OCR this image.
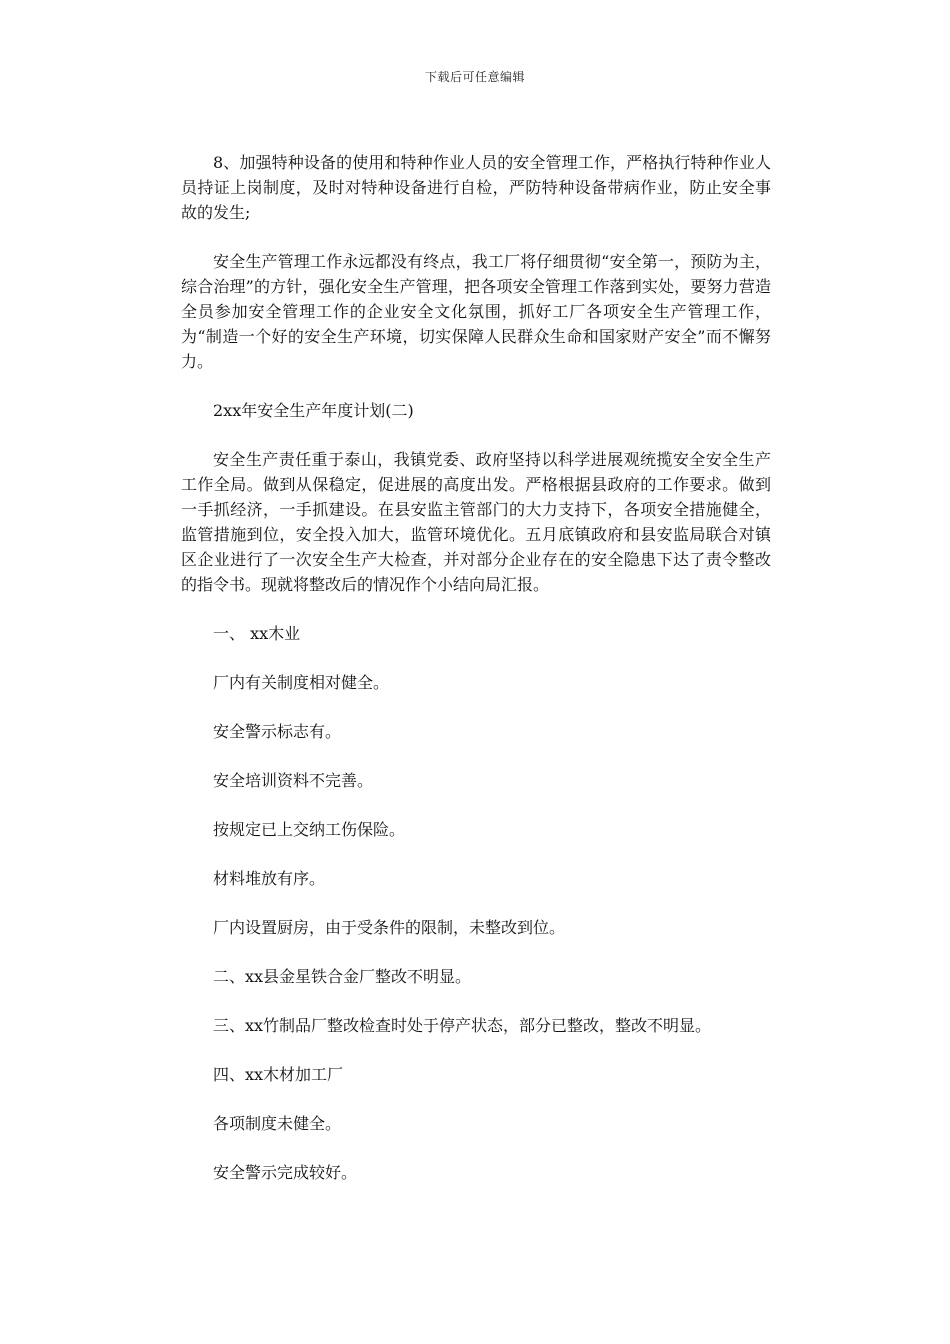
下载后可任意编辑

8、加强特种设备的使用和特种作业人员的安全管理工作，严格执行特种作业人员持证上岗制度，及时对特种设备进行自检，严防特种设备带病作业，防止安全事故的发生;

安全生产管理工作永远都没有终点，我工厂将仔细贯彻“安全第一，预防为主，综合治理”的方针，强化安全生产管理，把各项安全管理工作落到实处，要努力营造全员参加安全管理工作的企业安全文化氛围，抓好工厂各项安全生产管理工作，为“制造一个好的安全生产环境，切实保障人民群众生命和国家财产安全”而不懈努力。

2xx年安全生产年度计划(二)

安全生产责任重于泰山，我镇党委、政府坚持以科学进展观统揽安全安全生产工作全局。做到从保稳定，促进展的高度出发。严格根据县政府的工作要求。做到一手抓经济，一手抓建设。在县安监主管部门的大力支持下，各项安全措施健全，监管措施到位，安全投入加大，监管环境优化。五月底镇政府和县安监局联合对镇区企业进行了一次安全生产大检查，并对部分企业存在的安全隐患下达了责令整改的指令书。现就将整改后的情况作个小结向局汇报。

一、 xx木业

厂内有关制度相对健全。

安全警示标志有。

安全培训资料不完善。

按规定已上交纳工伤保险。

材料堆放有序。

厂内设置厨房，由于受条件的限制，未整改到位。

二、xx县金星铁合金厂整改不明显。

三、xx竹制品厂整改检查时处于停产状态，部分已整改，整改不明显。

四、xx木材加工厂

各项制度未健全。

安全警示完成较好。
